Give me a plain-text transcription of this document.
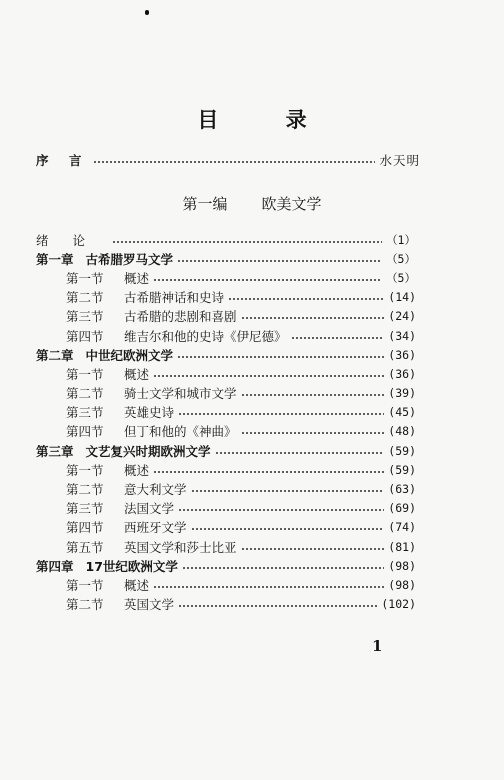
目 录
序 言	水天明
第一编 欧美文学
绪 论	（1）
第一章 古希腊罗马文学	（5）
第一节	概述	（5）
第二节	古希腊神话和史诗	(14)
第三节	古希腊的悲剧和喜剧	(24)
第四节	维吉尔和他的史诗《伊尼德》	(34)
第二章 中世纪欧洲文学	(36)
第一节	概述	(36)
第二节	骑士文学和城市文学	(39)
第三节	英雄史诗	(45)
第四节	但丁和他的《神曲》	(48)
第三章 文艺复兴时期欧洲文学	(59)
第一节	概述	(59)
第二节	意大利文学	(63)
第三节	法国文学	(69)
第四节	西班牙文学	(74)
第五节	英国文学和莎士比亚	(81)
第四章 17世纪欧洲文学	(98)
第一节	概述	(98)
第二节	英国文学	(102)
1
